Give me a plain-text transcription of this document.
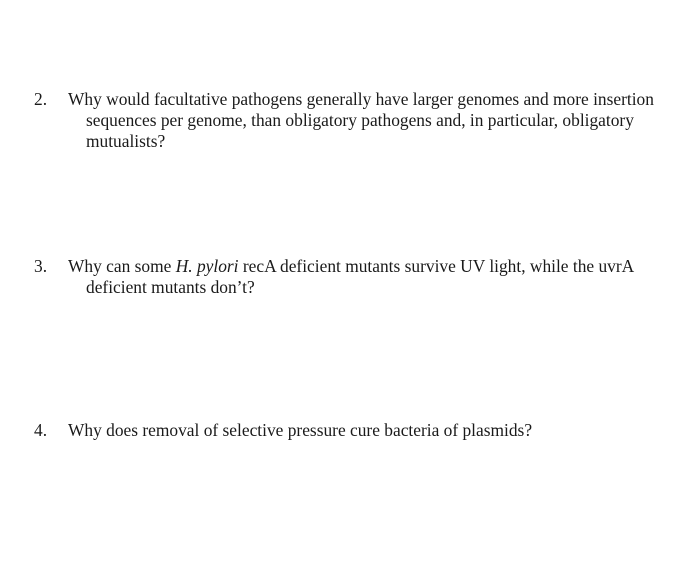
2. Why would facultative pathogens generally have larger genomes and more insertion sequences per genome, than obligatory pathogens and, in particular, obligatory mutualists?
3. Why can some H. pylori recA deficient mutants survive UV light, while the uvrA deficient mutants don’t?
4. Why does removal of selective pressure cure bacteria of plasmids?
